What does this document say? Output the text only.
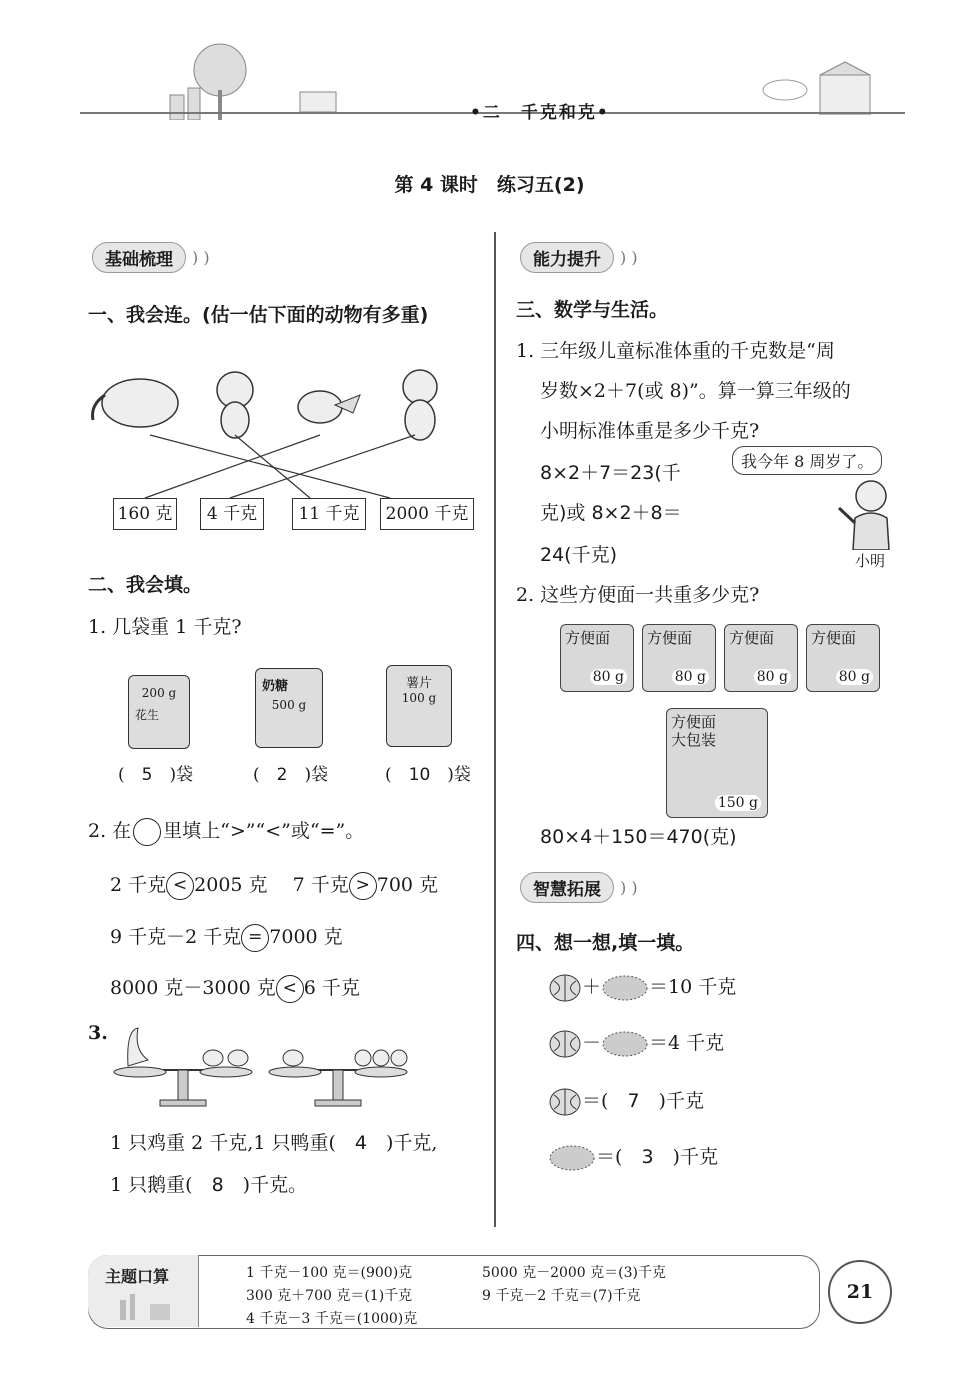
•二　千克和克•
第 4 课时　练习五(2)
基础梳理	) )
一、我会连。(估一估下面的动物有多重)
160 克	4 千克	11 千克	2000 千克
二、我会填。
1. 几袋重 1 千克?
200 g
花生
奶糖
500 g
薯片
100 g
(　5　)袋	(　2　)袋	(　10　)袋
2. 在 里填上“>”“<”或“=”。
2 千克 < 2005 克　 7 千克 > 700 克
9 千克－2 千克 = 7000 克
8000 克－3000 克 < 6 千克
3.
1 只鸡重 2 千克,1 只鸭重(　 4　 )千克,
1 只鹅重(　 8　 )千克。
能力提升	) )
三、数学与生活。
1. 三年级儿童标准体重的千克数是“周
岁数×2＋7(或 8)”。算一算三年级的
小明标准体重是多少千克?
8×2＋7＝23(千
克)或 8×2＋8＝
24(千克)
我今年 8 周岁了。
小明
2. 这些方便面一共重多少克?
方便面
80 g
方便面
80 g
方便面
80 g
方便面
80 g
方便面
大包装
150 g
80×4＋150＝470(克)
智慧拓展	) )
四、想一想,填一填。
＋	＝10 千克
－	＝4 千克
＝(　 7　 )千克
＝(　 3　 )千克
主题口算	1 千克－100 克＝(900)克	5000 克－2000 克＝(3)千克
300 克＋700 克＝(1)千克	9 千克－2 千克＝(7)千克
4 千克－3 千克＝(1000)克
21
